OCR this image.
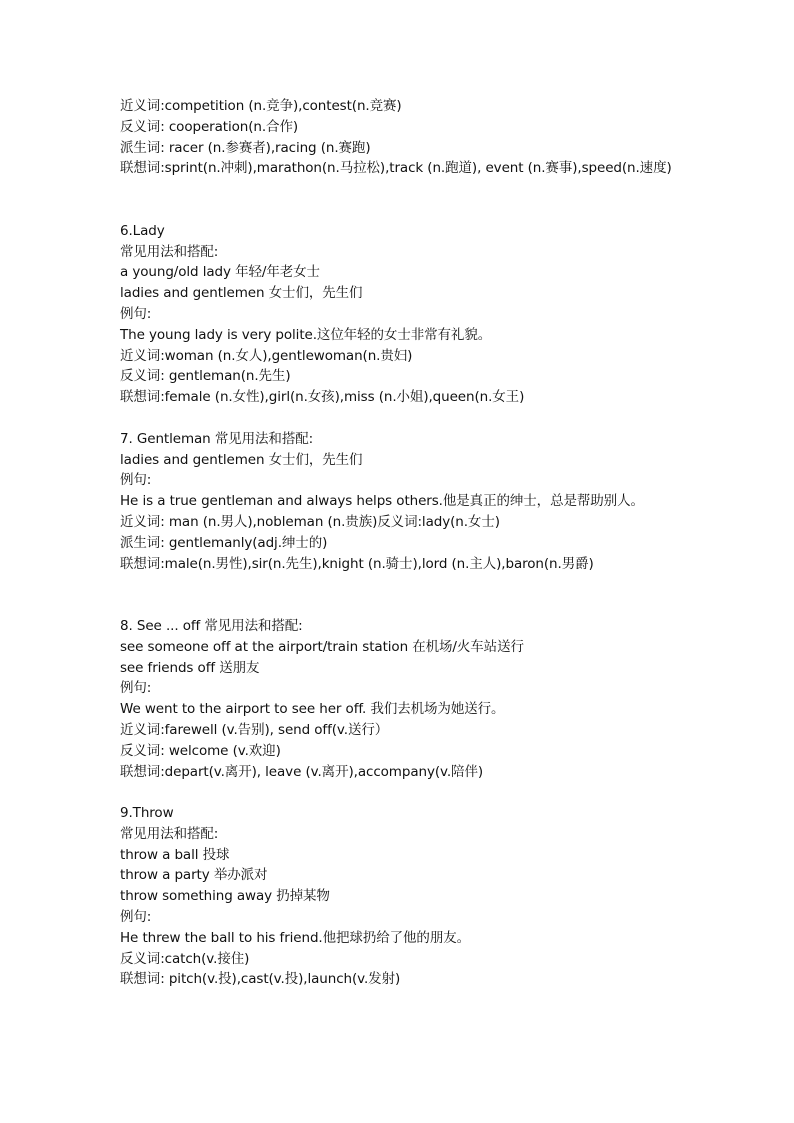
近义词:competition (n.竞争),contest(n.竞赛)
反义词: cooperation(n.合作)
派生词: racer (n.参赛者),racing (n.赛跑)
联想词:sprint(n.冲刺),marathon(n.马拉松),track (n.跑道), event (n.赛事),speed(n.速度)
6.Lady
常见用法和搭配:
a young/old lady 年轻/年老女士
ladies and gentlemen 女士们，先生们
例句:
The young lady is very polite.这位年轻的女士非常有礼貌。
近义词:woman (n.女人),gentlewoman(n.贵妇)
反义词: gentleman(n.先生)
联想词:female (n.女性),girl(n.女孩),miss (n.小姐),queen(n.女王)
7. Gentleman 常见用法和搭配:
ladies and gentlemen 女士们，先生们
例句:
He is a true gentleman and always helps others.他是真正的绅士，总是帮助别人。
近义词: man (n.男人),nobleman (n.贵族)反义词:lady(n.女士)
派生词: gentlemanly(adj.绅士的)
联想词:male(n.男性),sir(n.先生),knight (n.骑士),lord (n.主人),baron(n.男爵)
8. See ... off 常见用法和搭配:
see someone off at the airport/train station 在机场/火车站送行
see friends off 送朋友
例句:
We went to the airport to see her off. 我们去机场为她送行。
近义词:farewell (v.告别), send off(v.送行）
反义词: welcome (v.欢迎)
联想词:depart(v.离开), leave (v.离开),accompany(v.陪伴)
9.Throw
常见用法和搭配:
throw a ball 投球
throw a party 举办派对
throw something away 扔掉某物
例句:
He threw the ball to his friend.他把球扔给了他的朋友。
反义词:catch(v.接住)
联想词: pitch(v.投),cast(v.投),launch(v.发射)
